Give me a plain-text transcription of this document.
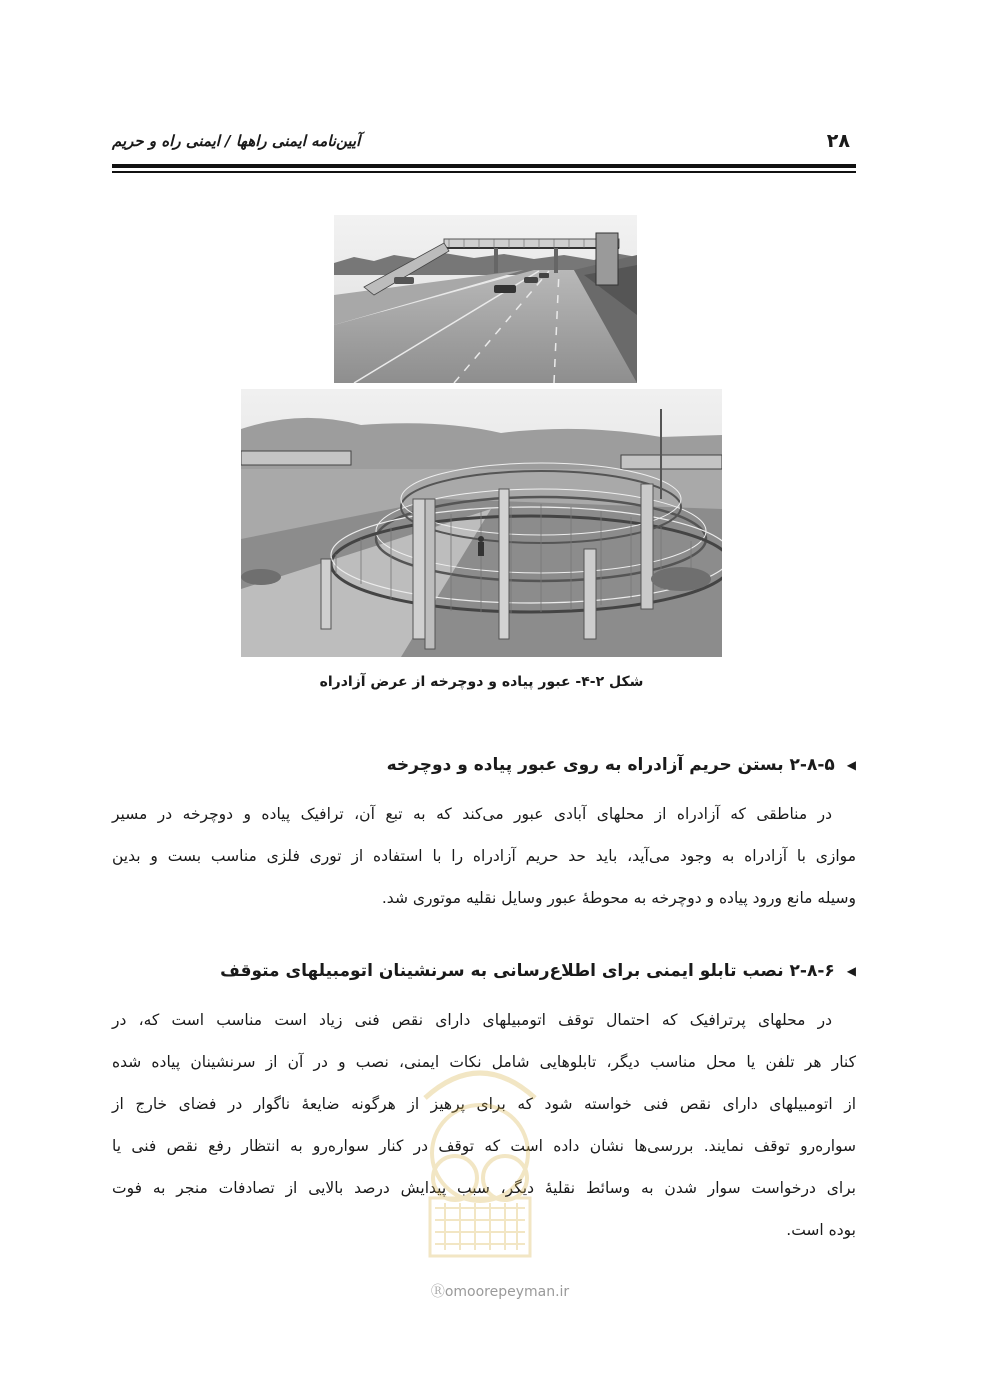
۲۸
آیین‌نامه ایمنی راهها / ایمنی راه و حریم
شکل ۲-۴- عبور پیاده و دوچرخه از عرض آزادراه
◀۲-۸-۵ بستن حریم آزادراه به روی عبور پیاده و دوچرخه
در مناطقی که آزادراه از محلهای آبادی عبور می‌کند که به تبع آن، ترافیک پیاده و دوچرخه در مسیر
موازی با آزادراه به وجود می‌آید، باید حد حریم آزادراه را با استفاده از توری فلزی مناسب بست و بدین
وسیله مانع ورود پیاده و دوچرخه به محوطهٔ عبور وسایل نقلیه موتوری شد.
◀۲-۸-۶ نصب تابلو ایمنی برای اطلاع‌رسانی به سرنشینان اتومبیلهای متوقف
در محلهای پرترافیک که احتمال توقف اتومبیلهای دارای نقص فنی زیاد است مناسب است که، در
کنار هر تلفن یا محل مناسب دیگر، تابلوهایی شامل نکات ایمنی، نصب و در آن از سرنشینان پیاده شده
از اتومبیلهای دارای نقص فنی خواسته شود که برای پرهیز از هرگونه ضایعهٔ ناگوار در فضای خارج از
سواره‌رو توقف نمایند. بررسی‌ها نشان داده است که توقف در کنار سواره‌رو به انتظار رفع نقص فنی یا
برای درخواست سوار شدن به وسائط نقلیهٔ دیگر، سبب پیدایش درصد بالایی از تصادفات منجر به فوت
بوده است.
Ⓡomoorepeyman.ir
